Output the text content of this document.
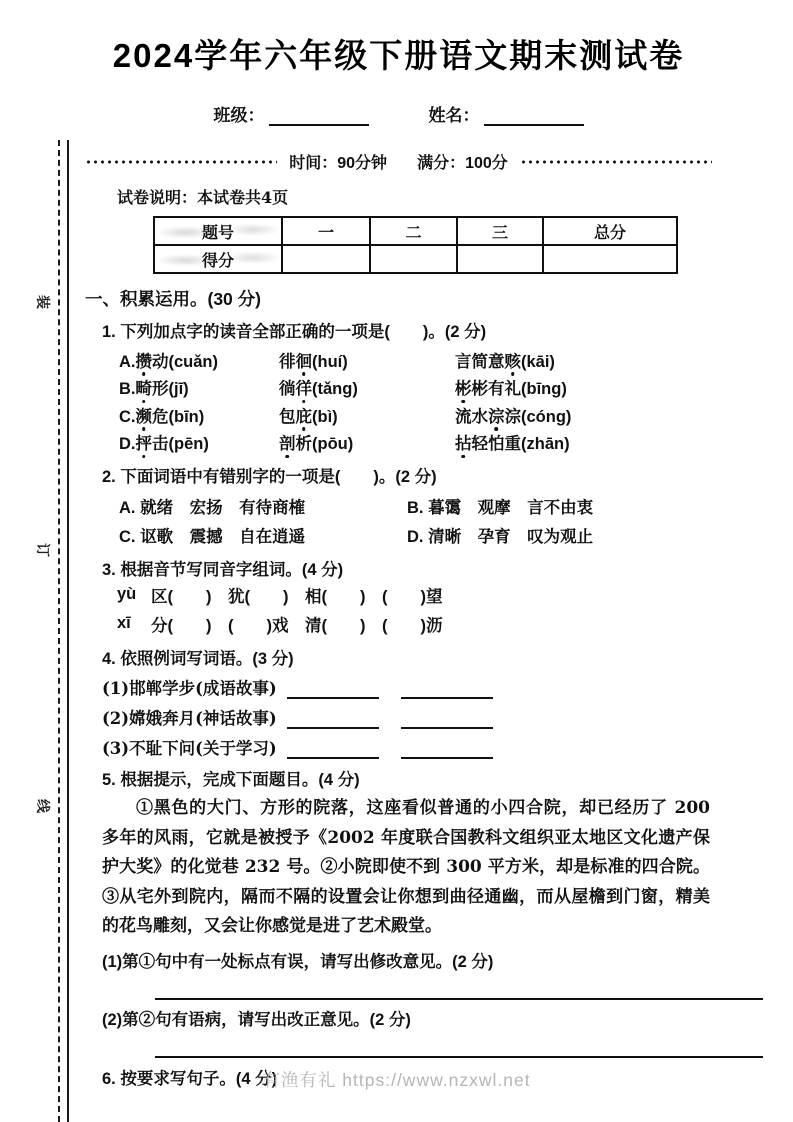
装
订
线
2024学年六年级下册语文期末测试卷
班级：	姓名：
时间：90分钟 满分：100分
试卷说明：本试卷共4页
题号	一	二	三	总分
得分				
一、积累运用。(30 分)
1. 下列加点字的读音全部正确的一项是(　　)。(2 分)
A.攒动(cuǎn)	徘徊(huí)	言简意赅(kāi)
B.畸形(jī)	徜徉(tǎng)	彬彬有礼(bīng)
C.濒危(bīn)	包庇(bì)	流水淙淙(cóng)
D.抨击(pēn)	剖析(pōu)	拈轻怕重(zhān)
2. 下面词语中有错别字的一项是(　　)。(2 分)
A. 就绪　宏扬　有待商榷	B. 暮霭　观摩　言不由衷
C. 讴歌　震撼　自在逍遥	D. 清晰　孕育　叹为观止
3. 根据音节写同音字组词。(4 分)
yù 区(　　)　犹(　　)　相(　　)　(　　)望
xī	分(　　)　(　　)戏　清(　　)　(　　)沥
4. 依照例词写词语。(3 分)
(1)邯郸学步(成语故事)
(2)嫦娥奔月(神话故事)
(3)不耻下问(关于学习)
5. 根据提示，完成下面题目。(4 分)
①黑色的大门、方形的院落，这座看似普通的小四合院，却已经历了 200 多年的风雨，它就是被授予《2002 年度联合国教科文组织亚太地区文化遗产保护大奖》的化觉巷 232 号。②小院即使不到 300 平方米，却是标准的四合院。③从宅外到院内，隔而不隔的设置会让你想到曲径通幽，而从屋檐到门窗，精美的花鸟雕刻，又会让你感觉是进了艺术殿堂。
(1)第①句中有一处标点有误，请写出修改意见。(2 分)
(2)第②句有语病，请写出改正意见。(2 分)
6. 按要求写句子。(4 分)
有渔有礼 https://www.nzxwl.net
